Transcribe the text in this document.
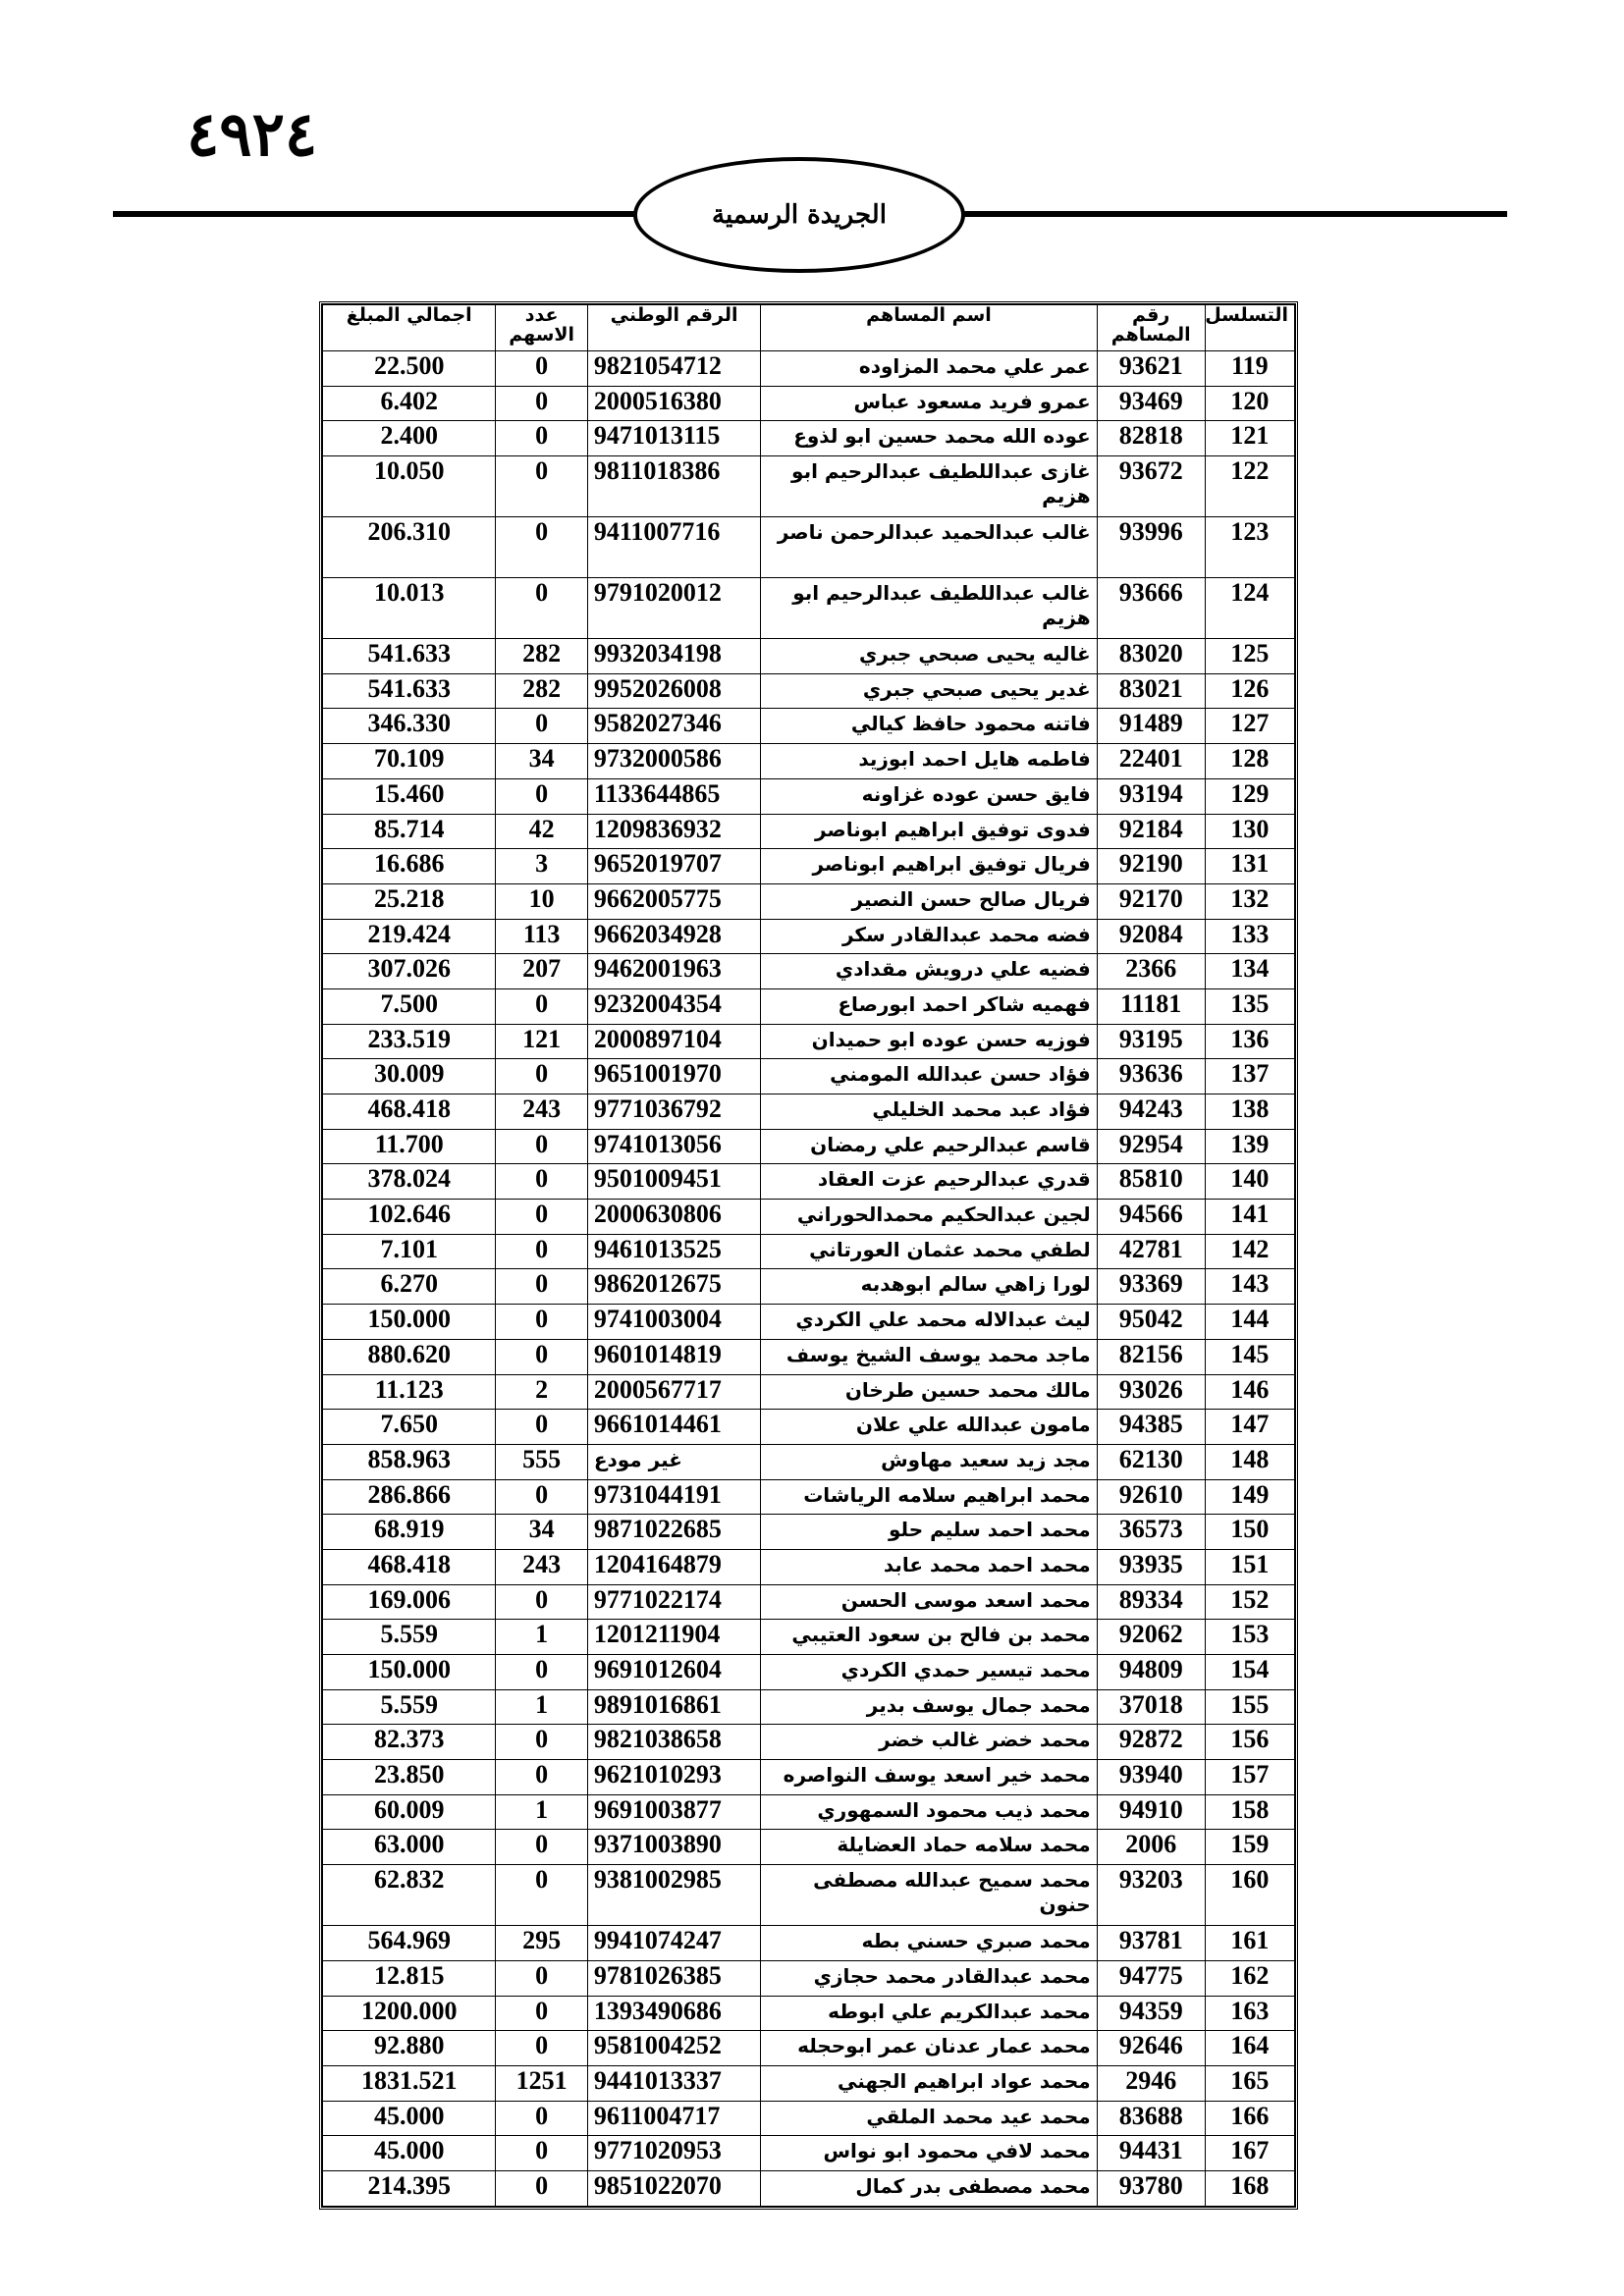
٤٩٢٤
الجريدة الرسمية
التسلسل	رقم المساهم	اسم المساهم	الرقم الوطني	عدد الاسهم	اجمالي المبلغ
119	93621	عمر علي محمد المزاوده	9821054712	0	22.500
120	93469	عمرو فريد مسعود عباس	2000516380	0	6.402
121	82818	عوده الله محمد حسين ابو لذوع	9471013115	0	2.400
122	93672	غازى عبداللطيف عبدالرحيم ابو هزيم	9811018386	0	10.050
123	93996	غالب عبدالحميد عبدالرحمن ناصر	9411007716	0	206.310
124	93666	غالب عبداللطيف عبدالرحيم ابو هزيم	9791020012	0	10.013
125	83020	غاليه يحيى صبحي جبري	9932034198	282	541.633
126	83021	غدير يحيى صبحي جبري	9952026008	282	541.633
127	91489	فاتنه محمود حافظ كيالي	9582027346	0	346.330
128	22401	فاطمه هايل احمد ابوزيد	9732000586	34	70.109
129	93194	فايق حسن عوده غزاونه	1133644865	0	15.460
130	92184	فدوى توفيق ابراهيم ابوناصر	1209836932	42	85.714
131	92190	فريال توفيق ابراهيم ابوناصر	9652019707	3	16.686
132	92170	فريال صالح حسن النصير	9662005775	10	25.218
133	92084	فضه محمد عبدالقادر سكر	9662034928	113	219.424
134	2366	فضيه علي درويش مقدادي	9462001963	207	307.026
135	11181	فهميه شاكر احمد ابورصاع	9232004354	0	7.500
136	93195	فوزيه حسن عوده ابو حميدان	2000897104	121	233.519
137	93636	فؤاد حسن عبدالله المومني	9651001970	0	30.009
138	94243	فؤاد عبد محمد الخليلي	9771036792	243	468.418
139	92954	قاسم عبدالرحيم علي رمضان	9741013056	0	11.700
140	85810	قدري عبدالرحيم عزت العقاد	9501009451	0	378.024
141	94566	لجين عبدالحكيم محمدالحوراني	2000630806	0	102.646
142	42781	لطفي محمد عثمان العورتاني	9461013525	0	7.101
143	93369	لورا زاهي سالم ابوهدبه	9862012675	0	6.270
144	95042	ليث عبدالاله محمد علي الكردي	9741003004	0	150.000
145	82156	ماجد محمد يوسف الشيخ يوسف	9601014819	0	880.620
146	93026	مالك محمد حسين طرخان	2000567717	2	11.123
147	94385	مامون عبدالله علي علان	9661014461	0	7.650
148	62130	مجد زيد سعيد مهاوش	غير مودع	555	858.963
149	92610	محمد ابراهيم سلامه الرياشات	9731044191	0	286.866
150	36573	محمد احمد سليم حلو	9871022685	34	68.919
151	93935	محمد احمد محمد عابد	1204164879	243	468.418
152	89334	محمد اسعد موسى الحسن	9771022174	0	169.006
153	92062	محمد بن فالح بن سعود العتيبي	1201211904	1	5.559
154	94809	محمد تيسير حمدي الكردي	9691012604	0	150.000
155	37018	محمد جمال يوسف بدير	9891016861	1	5.559
156	92872	محمد خضر غالب خضر	9821038658	0	82.373
157	93940	محمد خير اسعد يوسف النواصره	9621010293	0	23.850
158	94910	محمد ذيب محمود السمهوري	9691003877	1	60.009
159	2006	محمد سلامه حماد العضايلة	9371003890	0	63.000
160	93203	محمد سميح عبدالله مصطفى حنون	9381002985	0	62.832
161	93781	محمد صبري حسني بطه	9941074247	295	564.969
162	94775	محمد عبدالقادر محمد حجازي	9781026385	0	12.815
163	94359	محمد عبدالكريم علي ابوطه	1393490686	0	1200.000
164	92646	محمد عمار عدنان عمر ابوحجله	9581004252	0	92.880
165	2946	محمد عواد ابراهيم الجهني	9441013337	1251	1831.521
166	83688	محمد عيد محمد الملقي	9611004717	0	45.000
167	94431	محمد لافي محمود ابو نواس	9771020953	0	45.000
168	93780	محمد مصطفى بدر كمال	9851022070	0	214.395
